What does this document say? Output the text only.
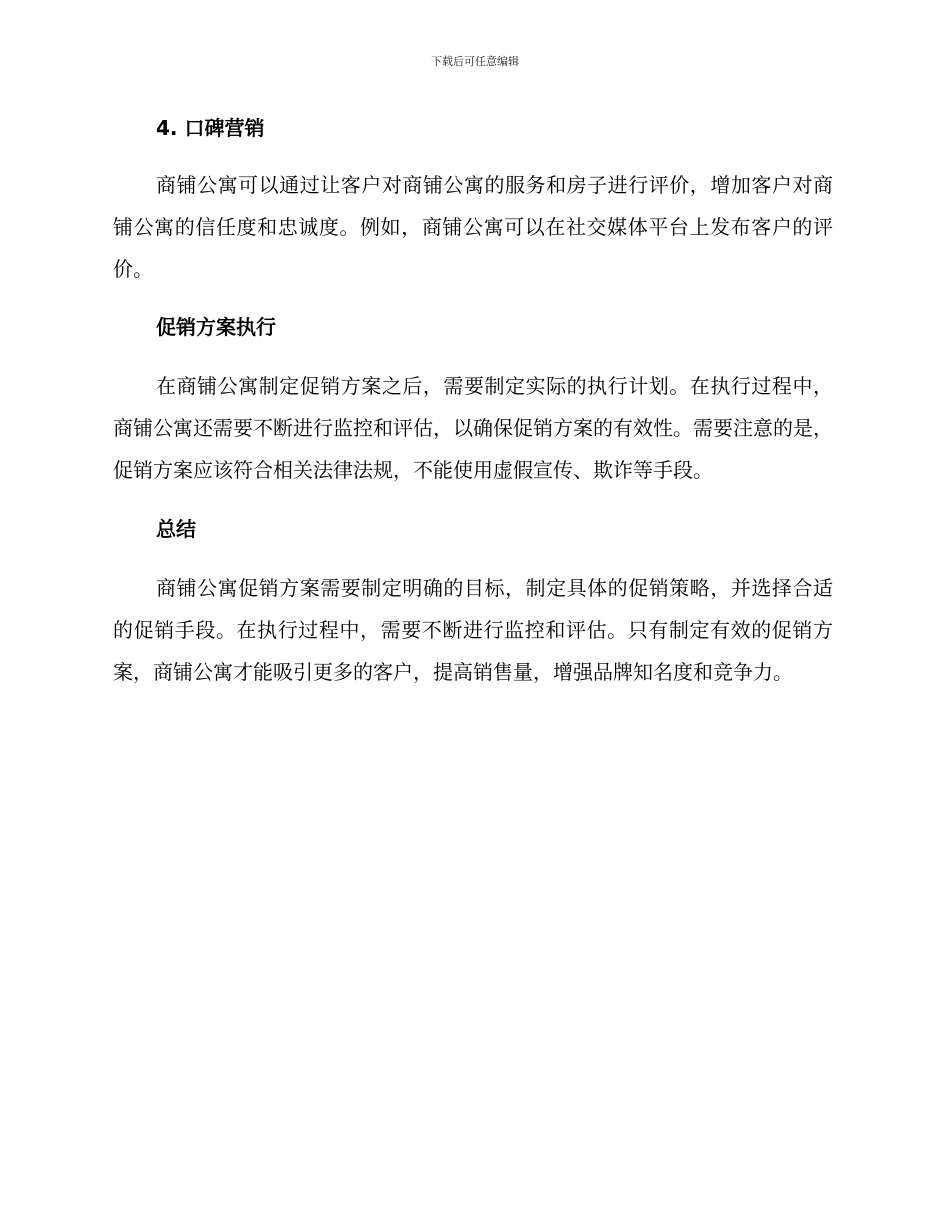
下载后可任意编辑
4. 口碑营销

商铺公寓可以通过让客户对商铺公寓的服务和房子进行评价，增加客户对商铺公寓的信任度和忠诚度。例如，商铺公寓可以在社交媒体平台上发布客户的评价。

促销方案执行

在商铺公寓制定促销方案之后，需要制定实际的执行计划。在执行过程中，商铺公寓还需要不断进行监控和评估，以确保促销方案的有效性。需要注意的是，促销方案应该符合相关法律法规，不能使用虚假宣传、欺诈等手段。

总结

商铺公寓促销方案需要制定明确的目标，制定具体的促销策略，并选择合适的促销手段。在执行过程中，需要不断进行监控和评估。只有制定有效的促销方案，商铺公寓才能吸引更多的客户，提高销售量，增强品牌知名度和竞争力。
